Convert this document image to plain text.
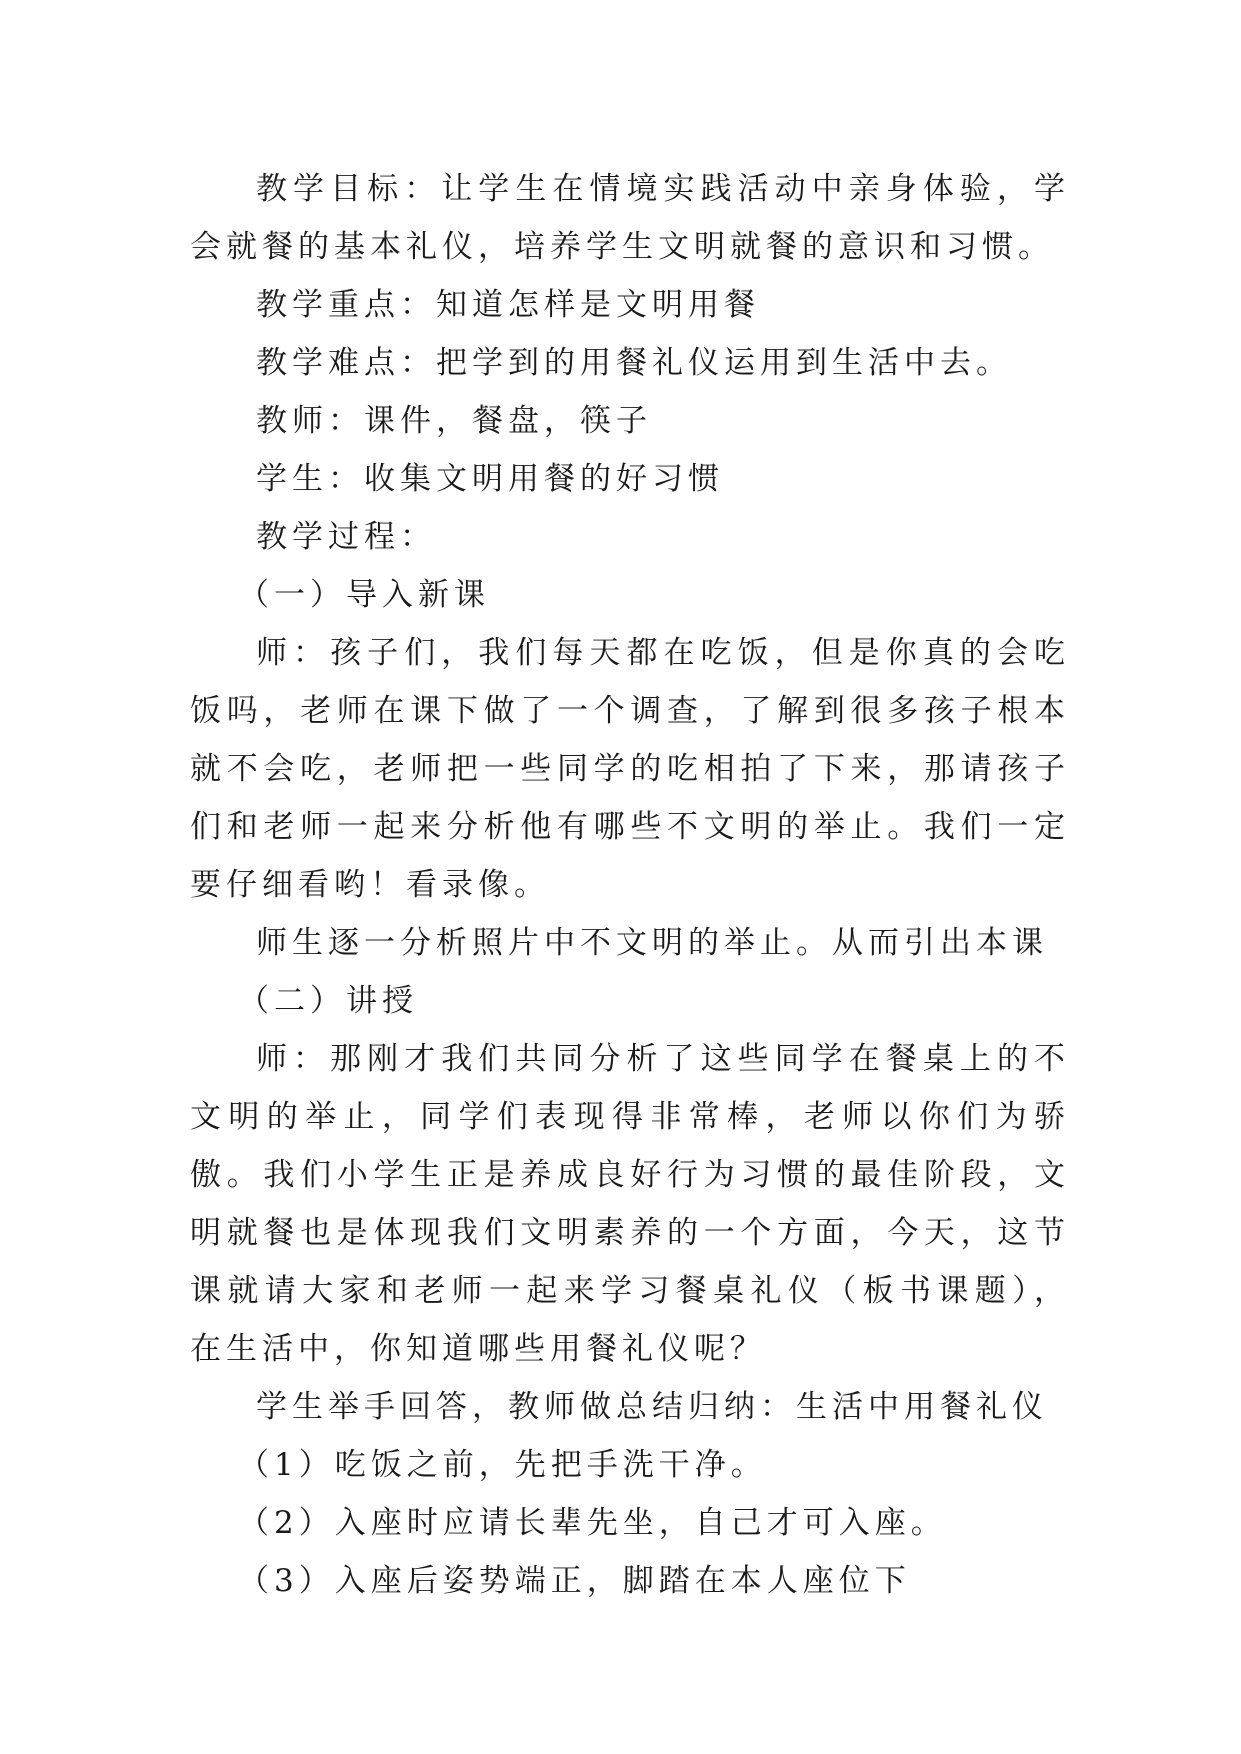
教学目标：让学生在情境实践活动中亲身体验，学会就餐的基本礼仪，培养学生文明就餐的意识和习惯。

教学重点：知道怎样是文明用餐

教学难点：把学到的用餐礼仪运用到生活中去。

教师：课件，餐盘，筷子

学生：收集文明用餐的好习惯

教学过程：

（一）导入新课

师：孩子们，我们每天都在吃饭，但是你真的会吃饭吗，老师在课下做了一个调查，了解到很多孩子根本就不会吃，老师把一些同学的吃相拍了下来，那请孩子们和老师一起来分析他有哪些不文明的举止。我们一定要仔细看哟！看录像。

师生逐一分析照片中不文明的举止。从而引出本课

（二）讲授

师：那刚才我们共同分析了这些同学在餐桌上的不文明的举止，同学们表现得非常棒，老师以你们为骄傲。我们小学生正是养成良好行为习惯的最佳阶段，文明就餐也是体现我们文明素养的一个方面，今天，这节课就请大家和老师一起来学习餐桌礼仪（板书课题），在生活中，你知道哪些用餐礼仪呢？

学生举手回答，教师做总结归纳：生活中用餐礼仪

（1）吃饭之前，先把手洗干净。

（2）入座时应请长辈先坐，自己才可入座。

（3）入座后姿势端正，脚踏在本人座位下
